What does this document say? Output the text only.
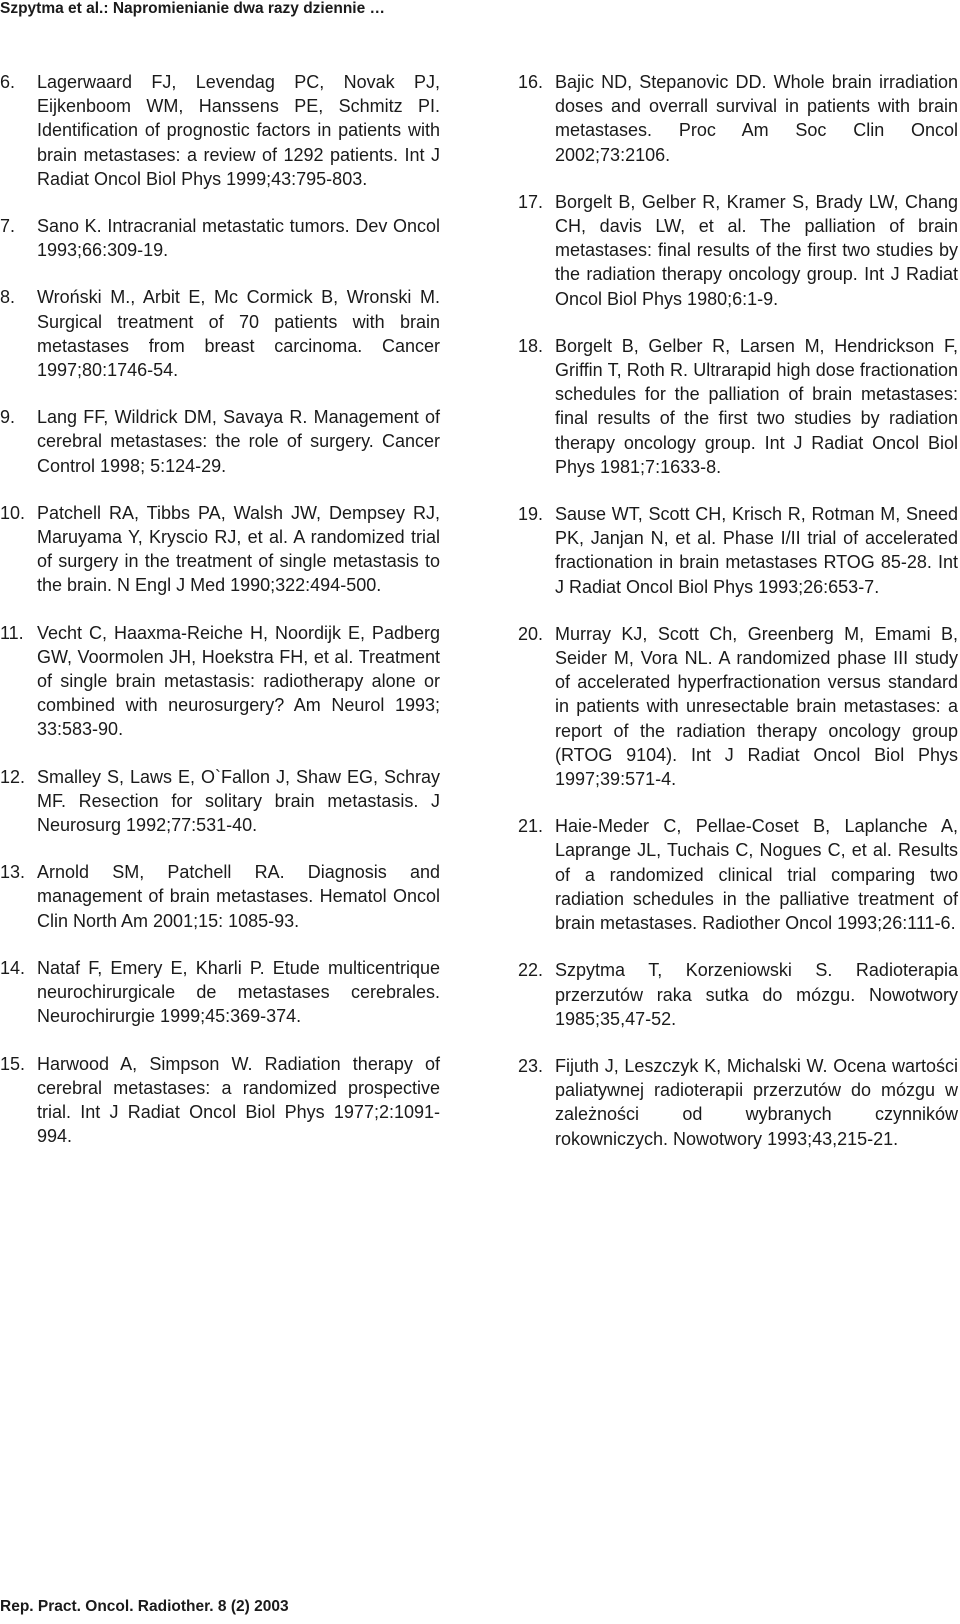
Szpytma et al.: Napromienianie dwa razy dziennie …
6.	Lagerwaard FJ, Levendag PC, Novak PJ, Eijkenboom WM, Hanssens PE, Schmitz PI. Identification of prognostic factors in patients with brain metastases: a review of 1292 patients. Int J Radiat Oncol Biol Phys 1999;43:795-803.
7.	Sano K. Intracranial metastatic tumors. Dev Oncol 1993;66:309-19.
8.	Wroński M., Arbit E, Mc Cormick B, Wronski M. Surgical treatment of 70 patients with brain metastases from breast carcinoma. Cancer 1997;80:1746-54.
9.	Lang FF, Wildrick DM, Savaya R. Management of cerebral metastases: the role of surgery. Cancer Control 1998; 5:124-29.
10. Patchell RA, Tibbs PA, Walsh JW, Dempsey RJ, Maruyama Y, Kryscio RJ, et al. A randomized trial of surgery in the treatment of single metastasis to the brain. N Engl J Med 1990;322:494-500.
11. Vecht C, Haaxma-Reiche H, Noordijk E, Padberg GW, Voormolen JH, Hoekstra FH, et al. Treatment of single brain metastasis: radiotherapy alone or combined with neurosurgery? Am Neurol 1993; 33:583-90.
12. Smalley S, Laws E, O`Fallon J, Shaw EG, Schray MF. Resection for solitary brain metastasis. J Neurosurg 1992;77:531-40.
13. Arnold SM, Patchell RA. Diagnosis and management of brain metastases. Hematol Oncol Clin North Am 2001;15: 1085-93.
14. Nataf F, Emery E, Kharli P. Etude multicentrique neurochirurgicale de metastases cerebrales. Neurochirurgie 1999;45:369-374.
15. Harwood A, Simpson W. Radiation therapy of cerebral metastases: a randomized prospective trial. Int J Radiat Oncol Biol Phys 1977;2:1091-994.
16. Bajic ND, Stepanovic DD. Whole brain irradiation doses and overrall survival in patients with brain metastases. Proc Am Soc Clin Oncol 2002;73:2106.
17. Borgelt B, Gelber R, Kramer S, Brady LW, Chang CH, davis LW, et al. The palliation of brain metastases: final results of the first two studies by the radiation therapy oncology group. Int J Radiat Oncol Biol Phys 1980;6:1-9.
18. Borgelt B, Gelber R, Larsen M, Hendrickson F, Griffin T, Roth R. Ultrarapid high dose fractionation schedules for the palliation of brain metastases: final results of the first two studies by radiation therapy oncology group. Int J Radiat Oncol Biol Phys 1981;7:1633-8.
19. Sause WT, Scott CH, Krisch R, Rotman M, Sneed PK, Janjan N, et al. Phase I/II trial of accelerated fractionation in brain metastases RTOG 85-28. Int J Radiat Oncol Biol Phys 1993;26:653-7.
20. Murray KJ, Scott Ch, Greenberg M, Emami B, Seider M, Vora NL. A randomized phase III study of accelerated hyperfractionation versus standard in patients with unresectable brain metastases: a report of the radiation therapy oncology group (RTOG 9104). Int J Radiat Oncol Biol Phys 1997;39:571-4.
21. Haie-Meder C, Pellae-Coset B, Laplanche A, Laprange JL, Tuchais C, Nogues C, et al. Results of a randomized clinical trial comparing two radiation schedules in the palliative treatment of brain metastases. Radiother Oncol 1993;26:111-6.
22. Szpytma T, Korzeniowski S. Radioterapia przerzutów raka sutka do mózgu. Nowotwory 1985;35,47-52.
23. Fijuth J, Leszczyk K, Michalski W. Ocena wartości paliatywnej radioterapii przerzutów do mózgu w zależności od wybranych czynników rokowniczych. Nowotwory 1993;43,215-21.
Rep. Pract. Oncol. Radiother. 8 (2) 2003
